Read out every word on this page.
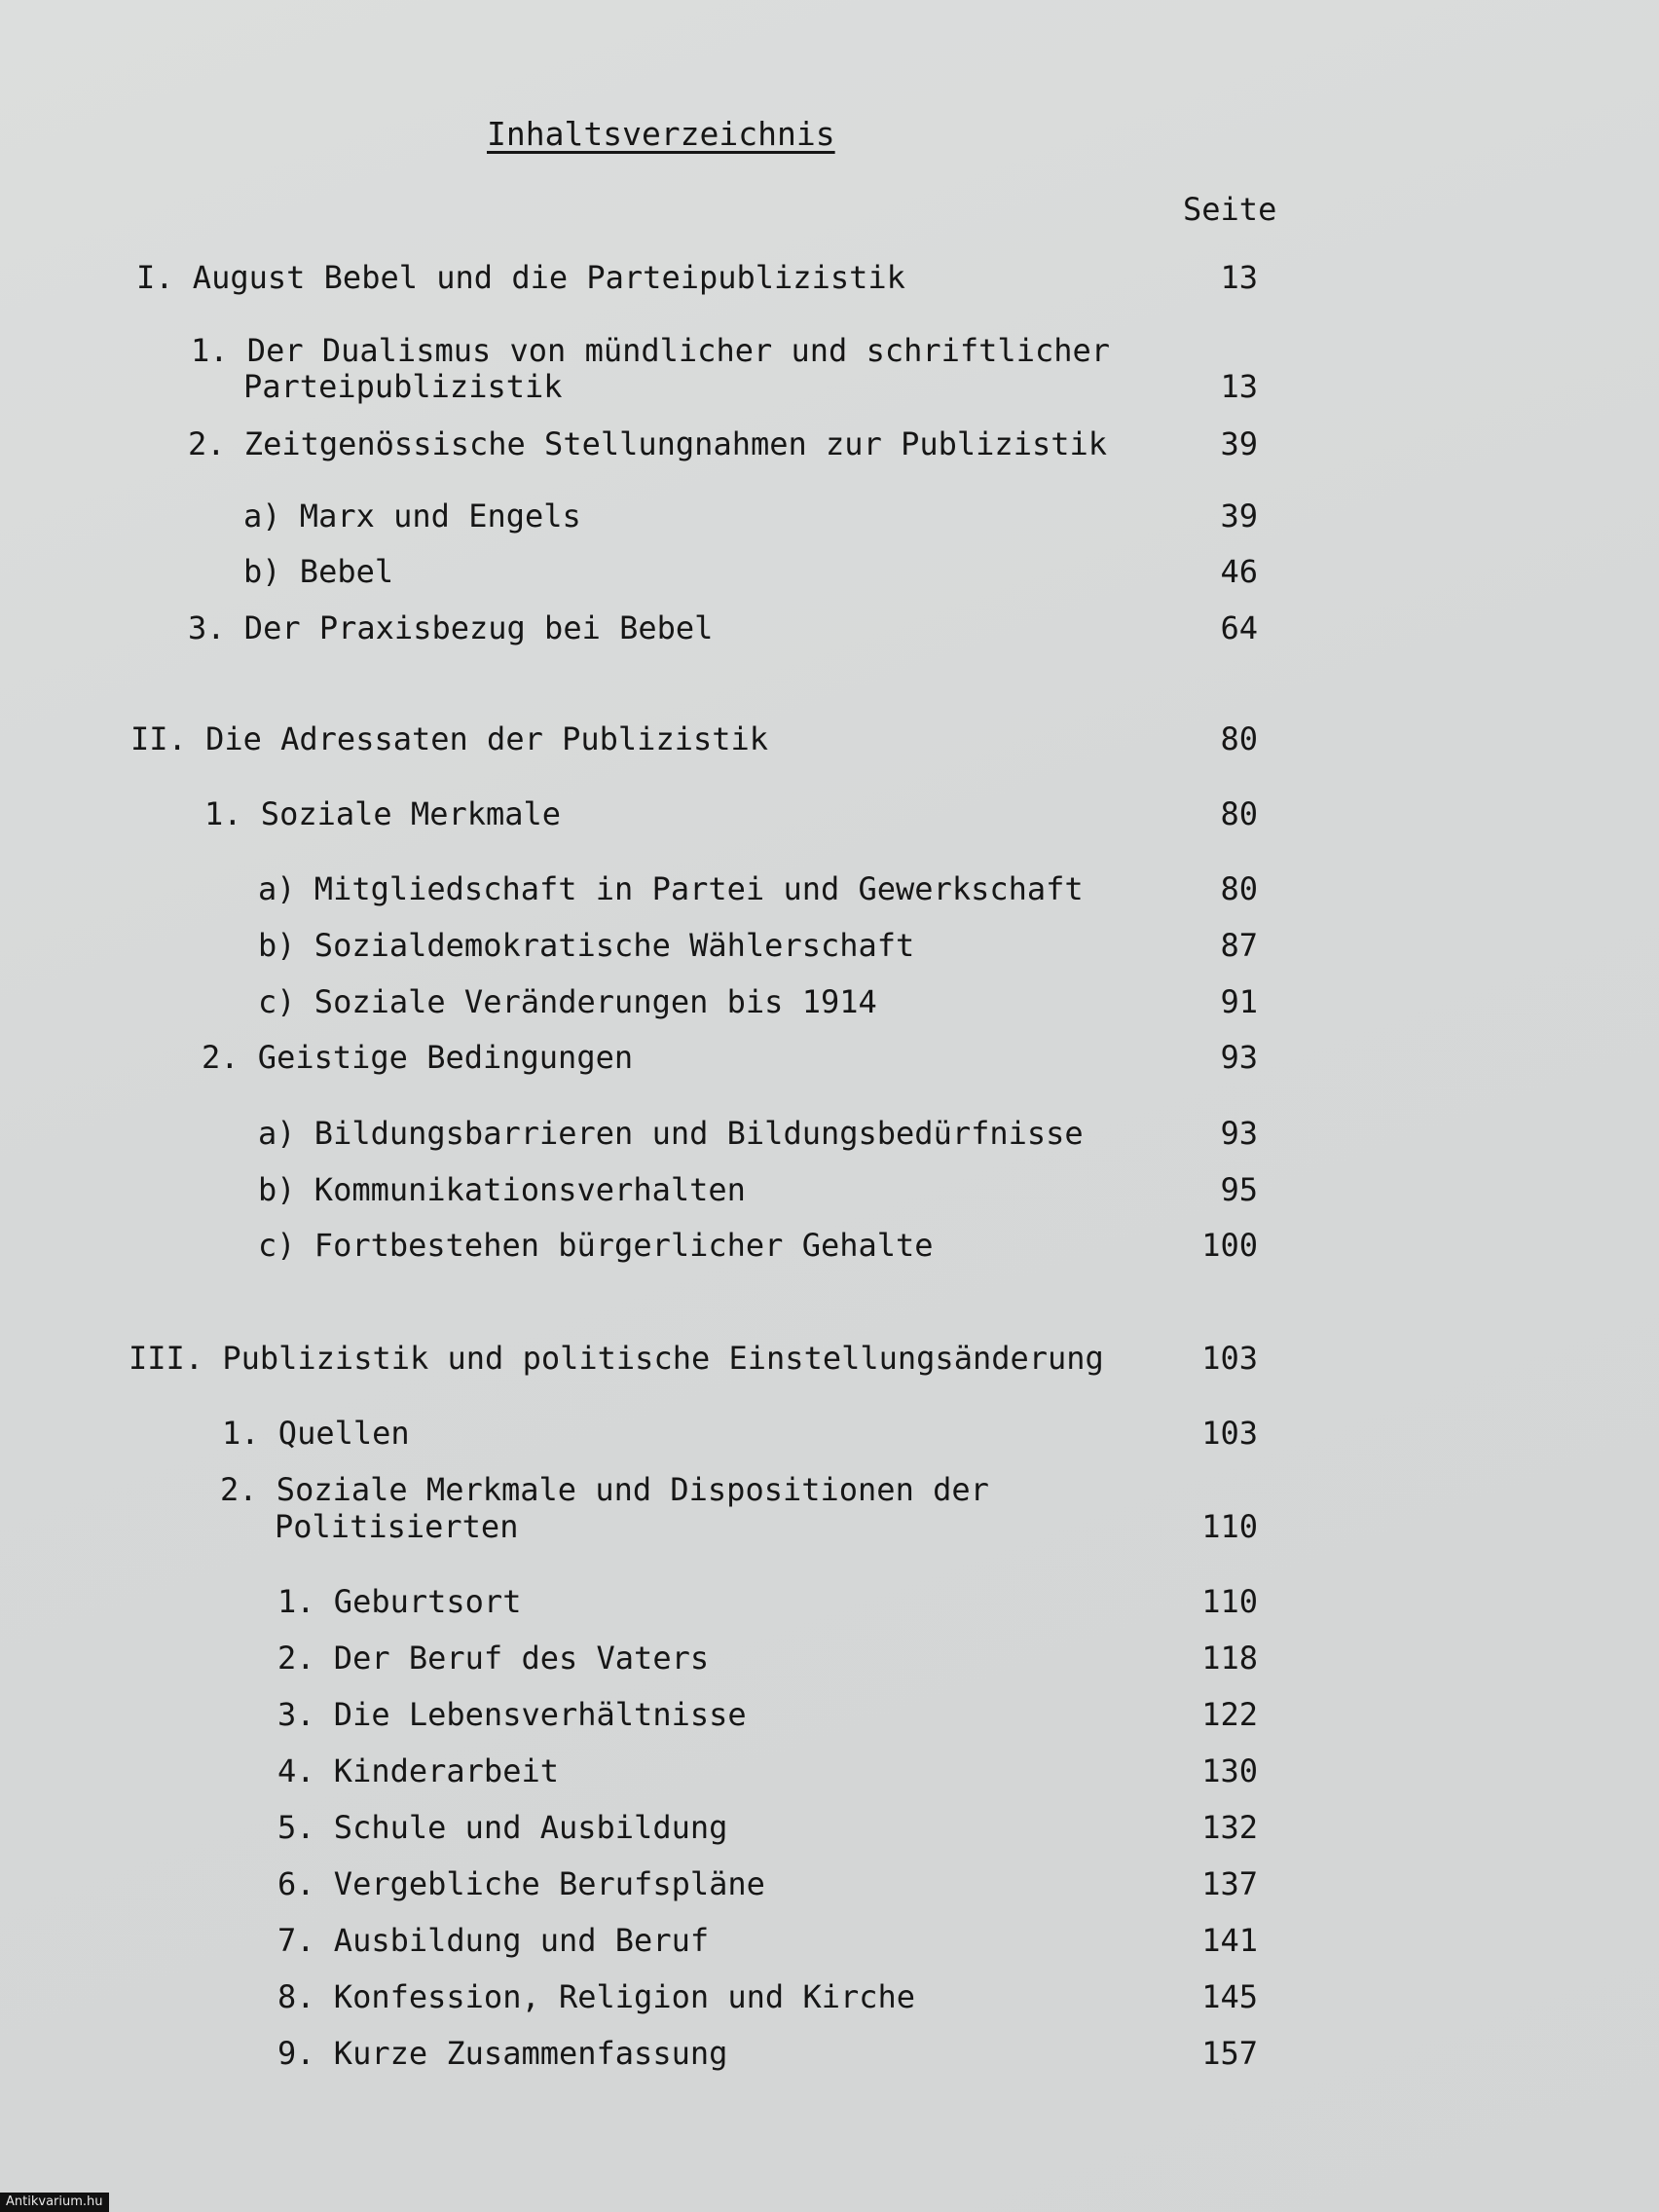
Inhaltsverzeichnis
Seite
I. August Bebel und die Parteipublizistik	13
1. Der Dualismus von mündlicher und schriftlicher
Parteipublizistik	13
2. Zeitgenössische Stellungnahmen zur Publizistik	39
a) Marx und Engels	39
b) Bebel	46
3. Der Praxisbezug bei Bebel	64
II. Die Adressaten der Publizistik	80
1. Soziale Merkmale	80
a) Mitgliedschaft in Partei und Gewerkschaft	80
b) Sozialdemokratische Wählerschaft	87
c) Soziale Veränderungen bis 1914	91
2. Geistige Bedingungen	93
a) Bildungsbarrieren und Bildungsbedürfnisse	93
b) Kommunikationsverhalten	95
c) Fortbestehen bürgerlicher Gehalte	100
III. Publizistik und politische Einstellungsänderung	103
1. Quellen	103
2. Soziale Merkmale und Dispositionen der
Politisierten	110
1. Geburtsort	110
2. Der Beruf des Vaters	118
3. Die Lebensverhältnisse	122
4. Kinderarbeit	130
5. Schule und Ausbildung	132
6. Vergebliche Berufspläne	137
7. Ausbildung und Beruf	141
8. Konfession, Religion und Kirche	145
9. Kurze Zusammenfassung	157
Antikvarium.hu
